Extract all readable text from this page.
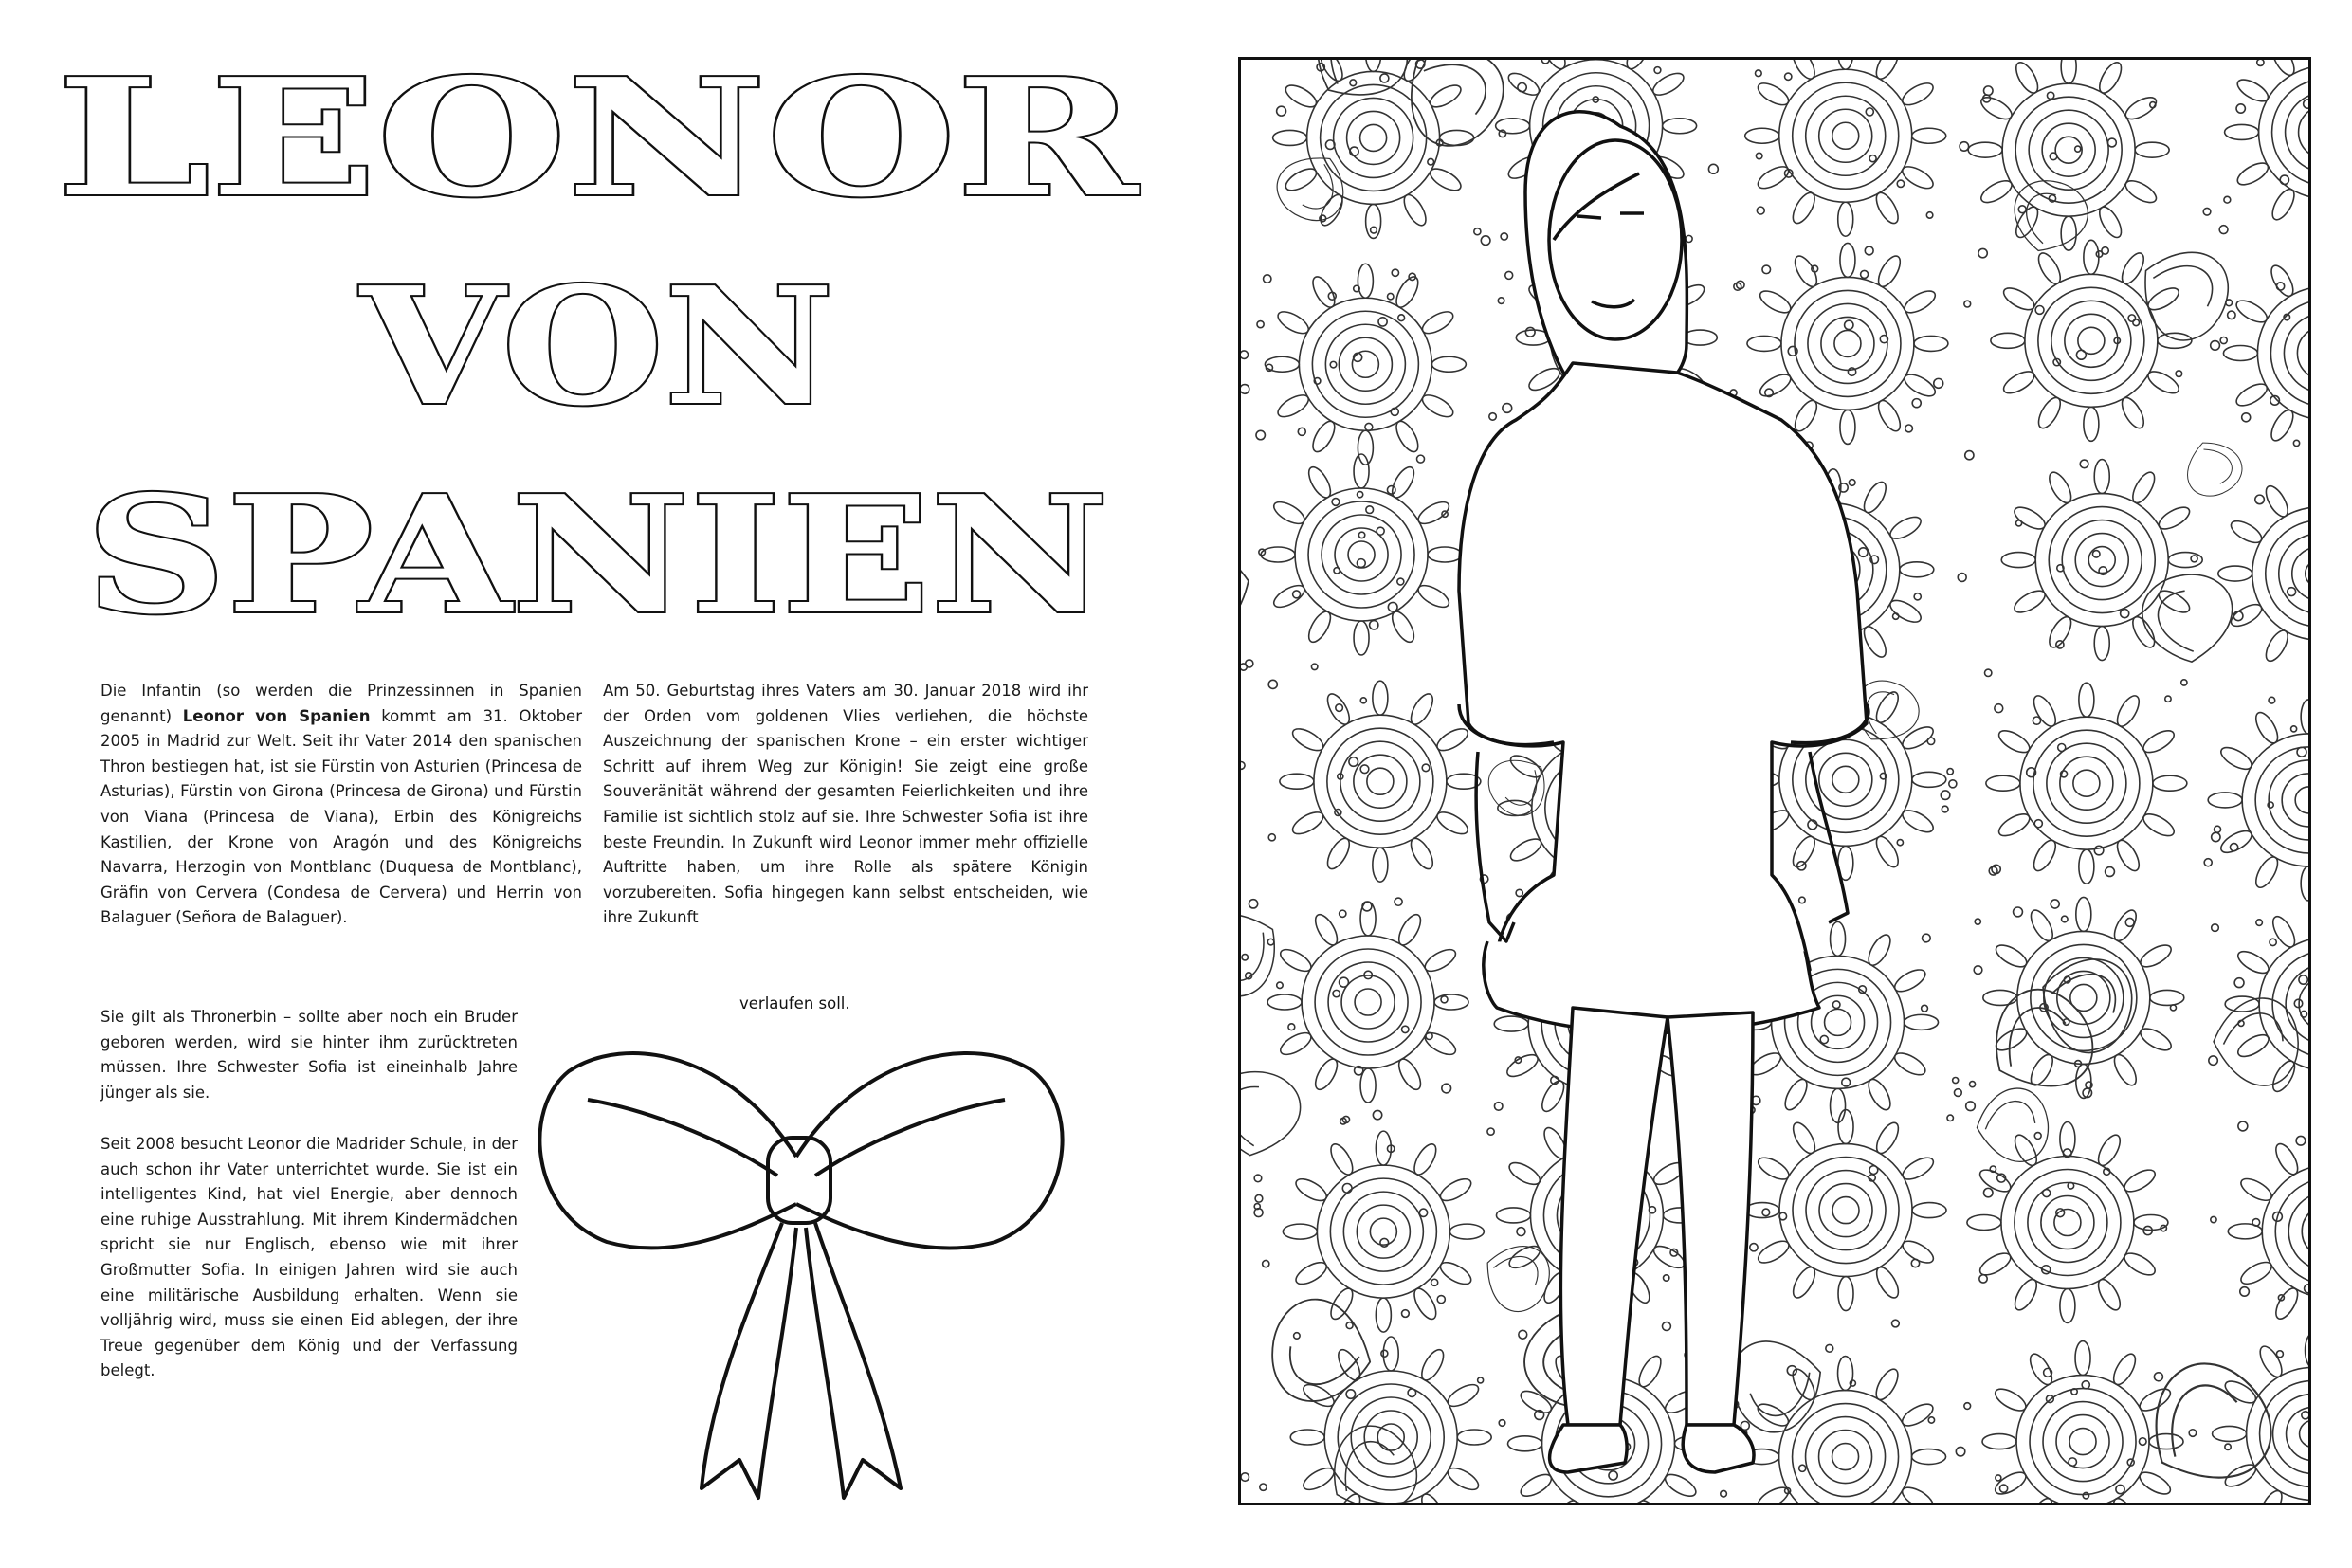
LEONOR
VON
SPANIEN
Die Infantin (so werden die Prinzessinnen in Spanien genannt) Leonor von Spanien kommt am 31. Oktober 2005 in Madrid zur Welt. Seit ihr Vater 2014 den spanischen Thron bestiegen hat, ist sie Fürstin von Asturien (Princesa de Asturias), Fürstin von Girona (Princesa de Girona) und Fürstin von Viana (Princesa de Viana), Erbin des Königreichs Kastilien, der Krone von Aragón und des Königreichs Navarra, Herzogin von Montblanc (Duquesa de Montblanc), Gräfin von Cervera (Condesa de Cervera) und Herrin von Balaguer (Señora de Balaguer).
Am 50. Geburtstag ihres Vaters am 30. Januar 2018 wird ihr der Orden vom goldenen Vlies verliehen, die höchste Auszeichnung der spanischen Krone – ein erster wichtiger Schritt auf ihrem Weg zur Königin! Sie zeigt eine große Souveränität während der gesamten Feierlichkeiten und ihre Familie ist sichtlich stolz auf sie. Ihre Schwester Sofia ist ihre beste Freundin. In Zukunft wird Leonor immer mehr offizielle Auftritte haben, um ihre Rolle als spätere Königin vorzubereiten. Sofia hingegen kann selbst entscheiden, wie ihre Zukunft
verlaufen soll.
Sie gilt als Thronerbin – sollte aber noch ein Bruder geboren werden, wird sie hinter ihm zurücktreten müssen. Ihre Schwester Sofia ist eineinhalb Jahre jünger als sie.
Seit 2008 besucht Leonor die Madrider Schule, in der auch schon ihr Vater unterrichtet wurde. Sie ist ein intelligentes Kind, hat viel Energie, aber dennoch eine ruhige Ausstrahlung. Mit ihrem Kindermädchen spricht sie nur Englisch, ebenso wie mit ihrer Großmutter Sofia. In einigen Jahren wird sie auch eine militärische Ausbildung erhalten. Wenn sie volljährig wird, muss sie einen Eid ablegen, der ihre Treue gegenüber dem König und der Verfassung belegt.
